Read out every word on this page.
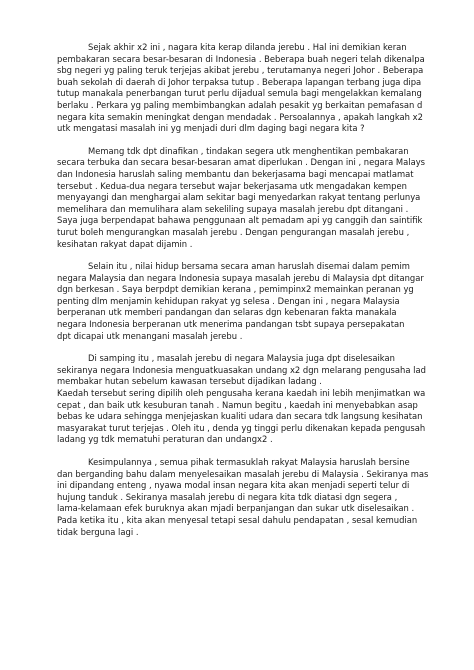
Sejak akhir x2 ini , nagara kita kerap dilanda jerebu . Hal ini demikian keran
pembakaran secara besar-besaran di Indonesia . Beberapa buah negeri telah dikenalpa
sbg negeri yg paling teruk terjejas akibat jerebu , terutamanya negeri Johor . Beberapa
buah sekolah di daerah di Johor terpaksa tutup . Beberapa lapangan terbang juga dipa
tutup manakala penerbangan turut perlu dijadual semula bagi mengelakkan kemalang
berlaku . Perkara yg paling membimbangkan adalah pesakit yg berkaitan pemafasan d
negara kita semakin meningkat dengan mendadak . Persoalannya , apakah langkah x2
utk mengatasi masalah ini yg menjadi duri dlm daging bagi negara kita ?
Memang tdk dpt dinafikan , tindakan segera utk menghentikan pembakaran
secara terbuka dan secara besar-besaran amat diperlukan . Dengan ini , negara Malays
dan Indonesia haruslah saling membantu dan bekerjasama bagi mencapai matlamat
tersebut . Kedua-dua negara tersebut wajar bekerjasama utk mengadakan kempen
menyayangi dan menghargai alam sekitar bagi menyedarkan rakyat tentang perlunya
memelihara dan memulihara alam sekeliling supaya masalah jerebu dpt ditangani .
Saya juga berpendapat bahawa penggunaan alt pemadam api yg canggih dan saintifik
turut boleh mengurangkan masalah jerebu . Dengan pengurangan masalah jerebu ,
kesihatan rakyat dapat dijamin .
Selain itu , nilai hidup bersama secara aman haruslah disemai dalam pemim
negara Malaysia dan negara Indonesia supaya masalah jerebu di Malaysia dpt ditangar
dgn berkesan . Saya berpdpt demikian kerana , pemimpinx2 memainkan peranan yg
penting dlm menjamin kehidupan rakyat yg selesa . Dengan ini , negara Malaysia
berperanan utk memberi pandangan dan selaras dgn kebenaran fakta manakala
negara Indonesia berperanan utk menerima pandangan tsbt supaya persepakatan
dpt dicapai utk menangani masalah jerebu .
Di samping itu , masalah jerebu di negara Malaysia juga dpt diselesaikan
sekiranya negara Indonesia menguatkuasakan undang x2 dgn melarang pengusaha lad
membakar hutan sebelum kawasan tersebut dijadikan ladang .
Kaedah tersebut sering dipilih oleh pengusaha kerana kaedah ini lebih menjimatkan wa
cepat , dan baik utk kesuburan tanah . Namun begitu , kaedah ini menyebabkan asap
bebas ke udara sehingga menjejaskan kualiti udara dan secara tdk langsung kesihatan
masyarakat turut terjejas . Oleh itu , denda yg tinggi perlu dikenakan kepada pengusah
ladang yg tdk mematuhi peraturan dan undangx2 .
Kesimpulannya , semua pihak termasuklah rakyat Malaysia haruslah bersine
dan berganding bahu dalam menyelesaikan masalah jerebu di Malaysia . Sekiranya mas
ini dipandang enteng , nyawa modal insan negara kita akan menjadi seperti telur di
hujung tanduk . Sekiranya masalah jerebu di negara kita tdk diatasi dgn segera ,
lama-kelamaan efek buruknya akan mjadi berpanjangan dan sukar utk diselesaikan .
Pada ketika itu , kita akan menyesal tetapi sesal dahulu pendapatan , sesal kemudian
tidak berguna lagi .
